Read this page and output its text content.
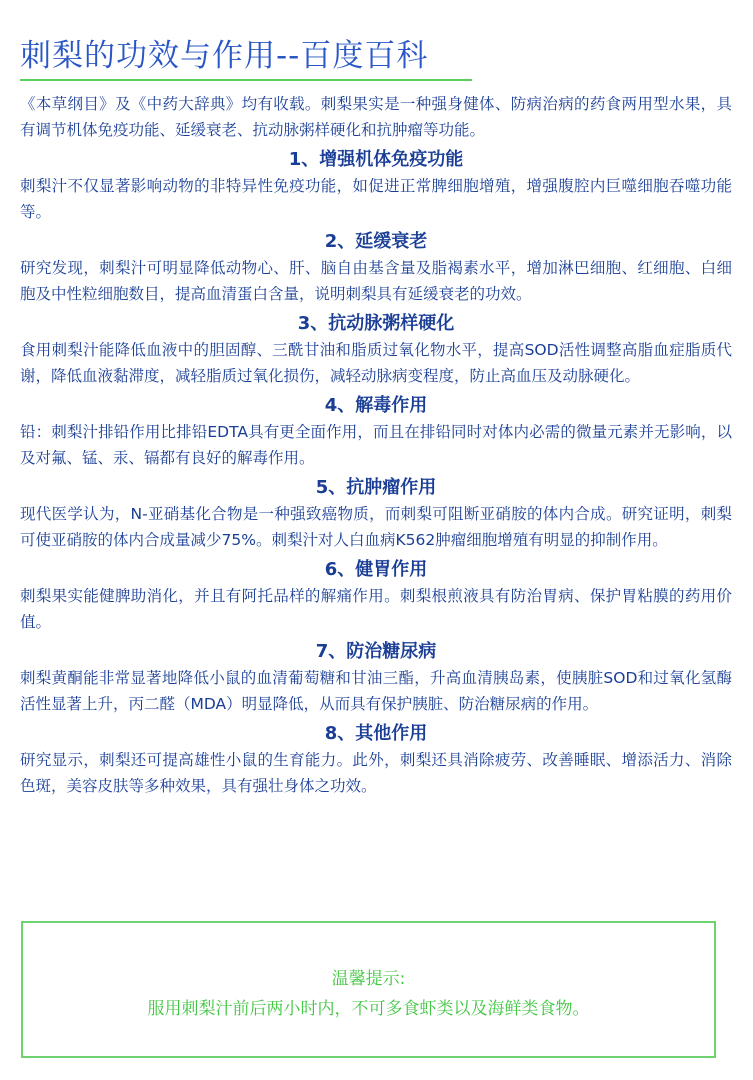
刺梨的功效与作用--百度百科

《本草纲目》及《中药大辞典》均有收载。刺梨果实是一种强身健体、防病治病的药食两用型水果，具有调节机体免疫功能、延缓衰老、抗动脉粥样硬化和抗肿瘤等功能。

1、增强机体免疫功能

刺梨汁不仅显著影响动物的非特异性免疫功能，如促进正常脾细胞增殖，增强腹腔内巨噬细胞吞噬功能等。

2、延缓衰老

研究发现，刺梨汁可明显降低动物心、肝、脑自由基含量及脂褐素水平，增加淋巴细胞、红细胞、白细胞及中性粒细胞数目，提高血清蛋白含量，说明刺梨具有延缓衰老的功效。

3、抗动脉粥样硬化

食用刺梨汁能降低血液中的胆固醇、三酰甘油和脂质过氧化物水平，提高SOD活性调整高脂血症脂质代谢，降低血液黏滞度，减轻脂质过氧化损伤，减轻动脉病变程度，防止高血压及动脉硬化。

4、解毒作用

铅：刺梨汁排铅作用比排铅EDTA具有更全面作用，而且在排铅同时对体内必需的微量元素并无影响，以及对氟、锰、汞、镉都有良好的解毒作用。

5、抗肿瘤作用

现代医学认为，N-亚硝基化合物是一种强致癌物质，而刺梨可阻断亚硝胺的体内合成。研究证明，刺梨可使亚硝胺的体内合成量减少75%。刺梨汁对人白血病K562肿瘤细胞增殖有明显的抑制作用。

6、健胃作用

刺梨果实能健脾助消化，并且有阿托品样的解痛作用。刺梨根煎液具有防治胃病、保护胃粘膜的药用价值。

7、防治糖尿病

刺梨黄酮能非常显著地降低小鼠的血清葡萄糖和甘油三酯，升高血清胰岛素，使胰脏SOD和过氧化氢酶活性显著上升，丙二醛（MDA）明显降低，从而具有保护胰脏、防治糖尿病的作用。

8、其他作用

研究显示，刺梨还可提高雄性小鼠的生育能力。此外，刺梨还具消除疲劳、改善睡眠、增添活力、消除色斑，美容皮肤等多种效果，具有强壮身体之功效。

温馨提示:
服用刺梨汁前后两小时内，不可多食虾类以及海鲜类食物。
